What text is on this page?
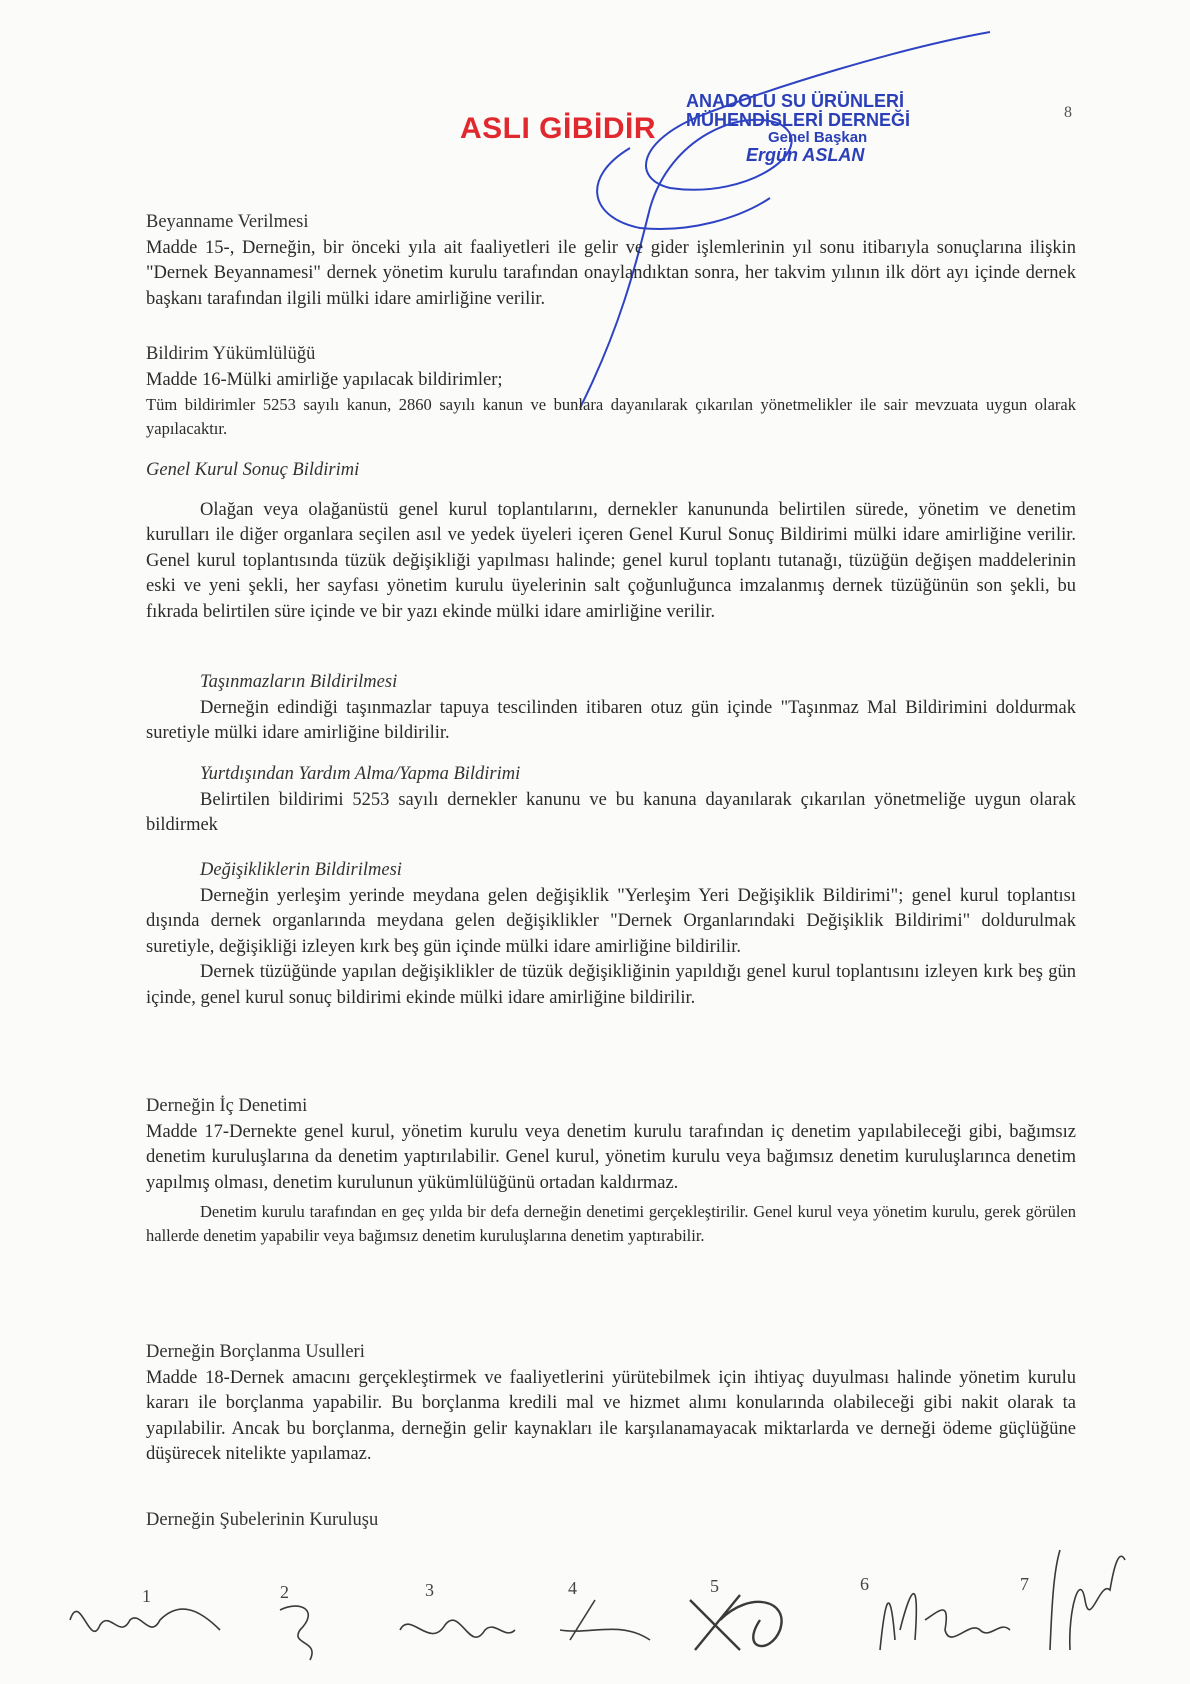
ASLI GİBİDİR
ANADOLU SU ÜRÜNLERİ
MÜHENDİSLERİ DERNEĞİ
Genel Başkan
Ergün ASLAN
8

Beyanname Verilmesi

Madde 15-, Derneğin, bir önceki yıla ait faaliyetleri ile gelir ve gider işlemlerinin yıl sonu itibarıyla sonuçlarına ilişkin "Dernek Beyannamesi" dernek yönetim kurulu tarafından onaylandıktan sonra, her takvim yılının ilk dört ayı içinde dernek başkanı tarafından ilgili mülki idare amirliğine verilir.

Bildirim Yükümlülüğü

Madde 16-Mülki amirliğe yapılacak bildirimler;

Tüm bildirimler 5253 sayılı kanun, 2860 sayılı kanun ve bunlara dayanılarak çıkarılan yönetmelikler ile sair mevzuata uygun olarak yapılacaktır.

Genel Kurul Sonuç Bildirimi

Olağan veya olağanüstü genel kurul toplantılarını, dernekler kanununda belirtilen sürede, yönetim ve denetim kurulları ile diğer organlara seçilen asıl ve yedek üyeleri içeren Genel Kurul Sonuç Bildirimi mülki idare amirliğine verilir. Genel kurul toplantısında tüzük değişikliği yapılması halinde; genel kurul toplantı tutanağı, tüzüğün değişen maddelerinin eski ve yeni şekli, her sayfası yönetim kurulu üyelerinin salt çoğunluğunca imzalanmış dernek tüzüğünün son şekli, bu fıkrada belirtilen süre içinde ve bir yazı ekinde mülki idare amirliğine verilir.

Taşınmazların Bildirilmesi

Derneğin edindiği taşınmazlar tapuya tescilinden itibaren otuz gün içinde "Taşınmaz Mal Bildirimini doldurmak suretiyle mülki idare amirliğine bildirilir.

Yurtdışından Yardım Alma/Yapma Bildirimi

Belirtilen bildirimi 5253 sayılı dernekler kanunu ve bu kanuna dayanılarak çıkarılan yönetmeliğe uygun olarak bildirmek

Değişikliklerin Bildirilmesi

Derneğin yerleşim yerinde meydana gelen değişiklik "Yerleşim Yeri Değişiklik Bildirimi"; genel kurul toplantısı dışında dernek organlarında meydana gelen değişiklikler "Dernek Organlarındaki Değişiklik Bildirimi" doldurulmak suretiyle, değişikliği izleyen kırk beş gün içinde mülki idare amirliğine bildirilir.

Dernek tüzüğünde yapılan değişiklikler de tüzük değişikliğinin yapıldığı genel kurul toplantısını izleyen kırk beş gün içinde, genel kurul sonuç bildirimi ekinde mülki idare amirliğine bildirilir.

Derneğin İç Denetimi

Madde 17-Dernekte genel kurul, yönetim kurulu veya denetim kurulu tarafından iç denetim yapılabileceği gibi, bağımsız denetim kuruluşlarına da denetim yaptırılabilir. Genel kurul, yönetim kurulu veya bağımsız denetim kuruluşlarınca denetim yapılmış olması, denetim kurulunun yükümlülüğünü ortadan kaldırmaz.

Denetim kurulu tarafından en geç yılda bir defa derneğin denetimi gerçekleştirilir. Genel kurul veya yönetim kurulu, gerek görülen hallerde denetim yapabilir veya bağımsız denetim kuruluşlarına denetim yaptırabilir.

Derneğin Borçlanma Usulleri

Madde 18-Dernek amacını gerçekleştirmek ve faaliyetlerini yürütebilmek için ihtiyaç duyulması halinde yönetim kurulu kararı ile borçlanma yapabilir. Bu borçlanma kredili mal ve hizmet alımı konularında olabileceği gibi nakit olarak ta yapılabilir. Ancak bu borçlanma, derneğin gelir kaynakları ile karşılanamayacak miktarlarda ve derneği ödeme güçlüğüne düşürecek nitelikte yapılamaz.

Derneğin Şubelerinin Kuruluşu

1	2	3	4	5	6	7
